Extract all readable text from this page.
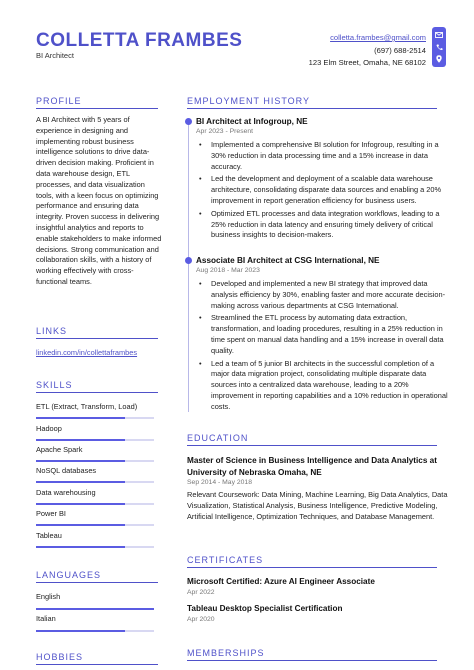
COLLETTA FRAMBES
BI Architect
colletta.frambes@gmail.com
(697) 688-2514
123 Elm Street, Omaha, NE 68102
PROFILE
A BI Architect with 5 years of experience in designing and implementing robust business intelligence solutions to drive data-driven decision making. Proficient in data warehouse design, ETL processes, and data visualization tools, with a keen focus on optimizing performance and ensuring data integrity. Proven success in delivering insightful analytics and reports to enable stakeholders to make informed decisions. Strong communication and collaboration skills, with a history of working effectively with cross-functional teams.
LINKS
linkedin.com/in/collettaframbes
SKILLS
ETL (Extract, Transform, Load)
Hadoop
Apache Spark
NoSQL databases
Data warehousing
Power BI
Tableau
LANGUAGES
English
Italian
HOBBIES
EMPLOYMENT HISTORY
BI Architect at Infogroup, NE
Apr 2023 - Present
• Implemented a comprehensive BI solution for Infogroup, resulting in a 30% reduction in data processing time and a 15% increase in data accuracy.
• Led the development and deployment of a scalable data warehouse architecture, consolidating disparate data sources and enabling a 20% improvement in report generation efficiency for business users.
• Optimized ETL processes and data integration workflows, leading to a 25% reduction in data latency and ensuring timely delivery of critical business insights to decision-makers.
Associate BI Architect at CSG International, NE
Aug 2018 - Mar 2023
• Developed and implemented a new BI strategy that improved data analysis efficiency by 30%, enabling faster and more accurate decision-making across various departments at CSG International.
• Streamlined the ETL process by automating data extraction, transformation, and loading procedures, resulting in a 25% reduction in time spent on manual data handling and a 15% increase in overall data quality.
• Led a team of 5 junior BI architects in the successful completion of a major data migration project, consolidating multiple disparate data sources into a centralized data warehouse, leading to a 20% improvement in reporting capabilities and a 10% reduction in operational costs.
EDUCATION
Master of Science in Business Intelligence and Data Analytics at University of Nebraska Omaha, NE
Sep 2014 - May 2018
Relevant Coursework: Data Mining, Machine Learning, Big Data Analytics, Data Visualization, Statistical Analysis, Business Intelligence, Predictive Modeling, Artificial Intelligence, Optimization Techniques, and Database Management.
CERTIFICATES
Microsoft Certified: Azure AI Engineer Associate
Apr 2022
Tableau Desktop Specialist Certification
Apr 2020
MEMBERSHIPS
